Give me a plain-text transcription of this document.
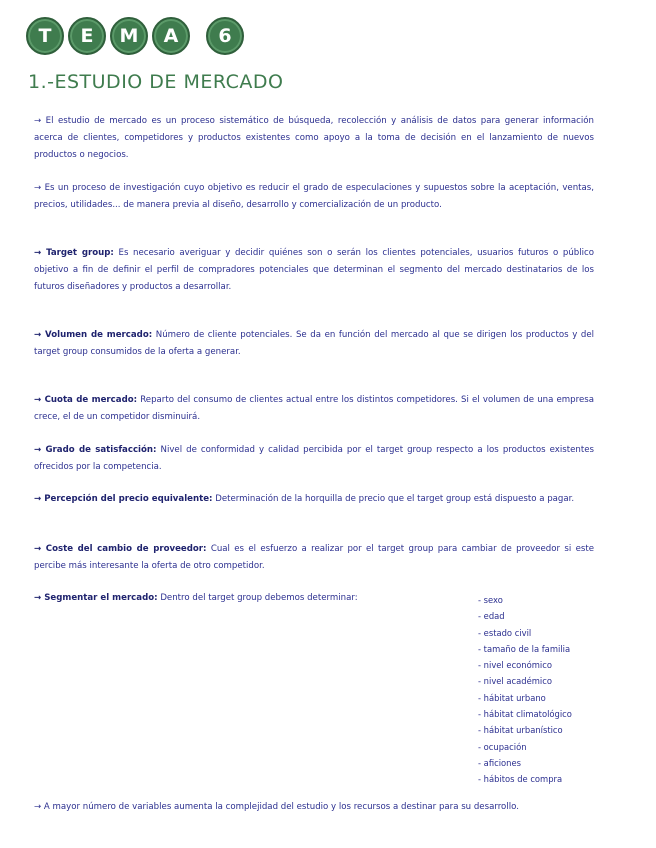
T	E	M	A	6
1.-ESTUDIO DE MERCADO
→ El estudio de mercado es un proceso sistemático de búsqueda, recolección y análisis de datos para generar información acerca de clientes, competidores y productos existentes como apoyo a la toma de decisión en el lanzamiento de nuevos productos o negocios.
→ Es un proceso de investigación cuyo objetivo es reducir el grado de especulaciones y supuestos sobre la aceptación, ventas, precios, utilidades... de manera previa al diseño, desarrollo y comercialización de un producto.
→ Target group: Es necesario averiguar y decidir quiénes son o serán los clientes potenciales, usuarios futuros o público objetivo a fin de definir el perfil de compradores potenciales que determinan el segmento del mercado destinatarios de los futuros diseñadores y productos a desarrollar.
→ Volumen de mercado: Número de cliente potenciales. Se da en función del mercado al que se dirigen los productos y del target group consumidos de la oferta a generar.
→ Cuota de mercado: Reparto del consumo de clientes actual entre los distintos competidores. Si el volumen de una empresa crece, el de un competidor disminuirá.
→ Grado de satisfacción: Nivel de conformidad y calidad percibida por el target group respecto a los productos existentes ofrecidos por la competencia.
→ Percepción del precio equivalente: Determinación de la horquilla de precio que el target group está dispuesto a pagar.
→ Coste del cambio de proveedor: Cual es el esfuerzo a realizar por el target group para cambiar de proveedor si este percibe más interesante la oferta de otro competidor.
→ Segmentar el mercado: Dentro del target group debemos determinar:	- sexo
- edad
- estado civil
- tamaño de la familia
- nivel económico
- nivel académico
- hábitat urbano
- hábitat climatológico
- hábitat urbanístico
- ocupación
- aficiones
- hábitos de compra
→ A mayor número de variables aumenta la complejidad del estudio y los recursos a destinar para su desarrollo.
